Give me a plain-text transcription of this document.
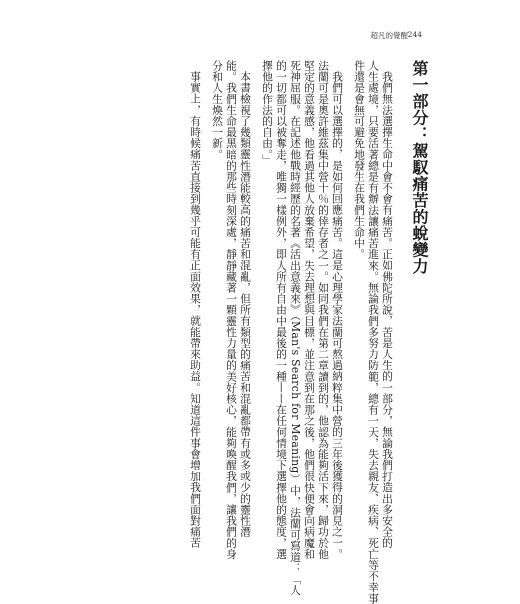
超凡的覺醒 244
第一部分：駕馭痛苦的蛻變力
我們無法選擇生命中會不會有痛苦。正如佛陀所說，苦是人生的一部分，無論我們打造出多安全的
人生處境，只要活著總是有辦法讓痛苦進來。無論我們多努力防範，總有一天，失去親友、疾病、死亡等不幸事
件還是會無可避免地發生在我們生命中。
我們可以選擇的，是如何回應痛苦。這是心理學家法蘭可熬過納粹集中營的三年後獲得的洞見之一。
法蘭可是奧許維茲集中營十％的倖存者之一。如同我們在第二章讀到的，他認為能夠活下來，歸功於他
堅定的意義感，他看過其他人放棄希望，失去理想與目標，並注意到在那之後，他們很快便會向病魔和
死神屈服。在記述他戰時經歷的名著《活出意義來》（Man's Search for Meaning）中，法蘭可寫道：「人
的一切都可以被奪走，唯獨一樣例外，即人所有自由中最後的一種——在任何情境下選擇他的態度，選
擇他的作法的自由。」
本書檢視了幾類靈性潛能較高的痛苦和混亂，但所有類型的痛苦和混亂都帶有或多或少的靈性潛
能。我們生命最黑暗的那些時刻深處，靜靜藏著一顆靈性力量的美好核心，能夠喚醒我們，讓我們的身
分和人生煥然一新。
事實上，有時候痛苦直接到幾乎可能有正面效果，就能帶來助益。知道這件事會增加我們面對痛苦
